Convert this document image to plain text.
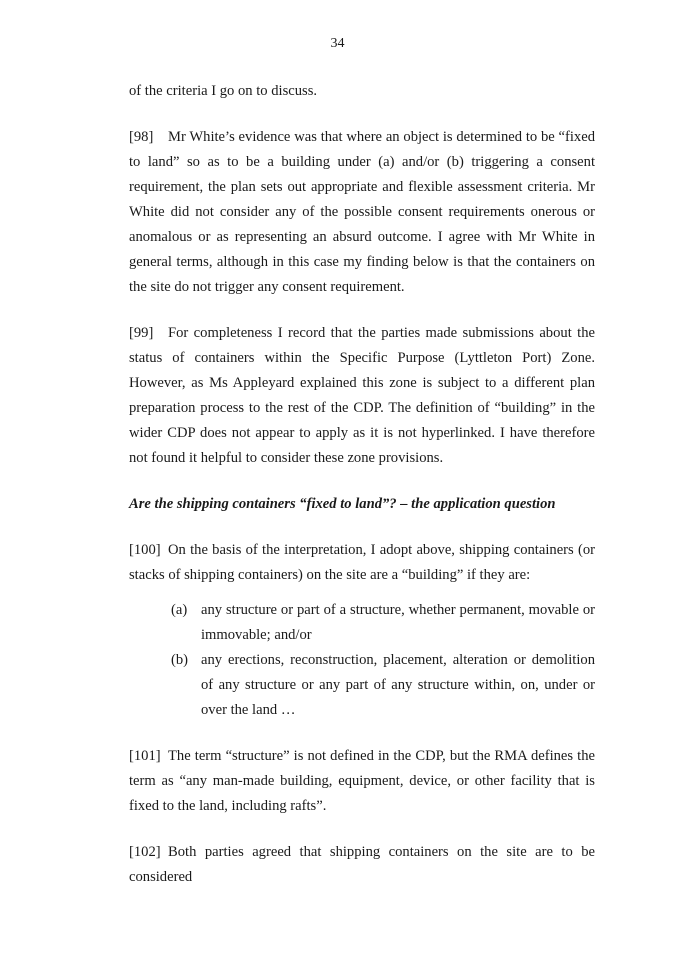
34

of the criteria I go on to discuss.

[98] Mr White’s evidence was that where an object is determined to be “fixed to land” so as to be a building under (a) and/or (b) triggering a consent requirement, the plan sets out appropriate and flexible assessment criteria. Mr White did not consider any of the possible consent requirements onerous or anomalous or as representing an absurd outcome. I agree with Mr White in general terms, although in this case my finding below is that the containers on the site do not trigger any consent requirement.

[99] For completeness I record that the parties made submissions about the status of containers within the Specific Purpose (Lyttleton Port) Zone. However, as Ms Appleyard explained this zone is subject to a different plan preparation process to the rest of the CDP. The definition of “building” in the wider CDP does not appear to apply as it is not hyperlinked. I have therefore not found it helpful to consider these zone provisions.

Are the shipping containers “fixed to land”? – the application question

[100] On the basis of the interpretation, I adopt above, shipping containers (or stacks of shipping containers) on the site are a “building” if they are:

(a) any structure or part of a structure, whether permanent, movable or immovable; and/or
(b) any erections, reconstruction, placement, alteration or demolition of any structure or any part of any structure within, on, under or over the land …

[101] The term “structure” is not defined in the CDP, but the RMA defines the term as “any man-made building, equipment, device, or other facility that is fixed to the land, including rafts”.

[102] Both parties agreed that shipping containers on the site are to be considered
